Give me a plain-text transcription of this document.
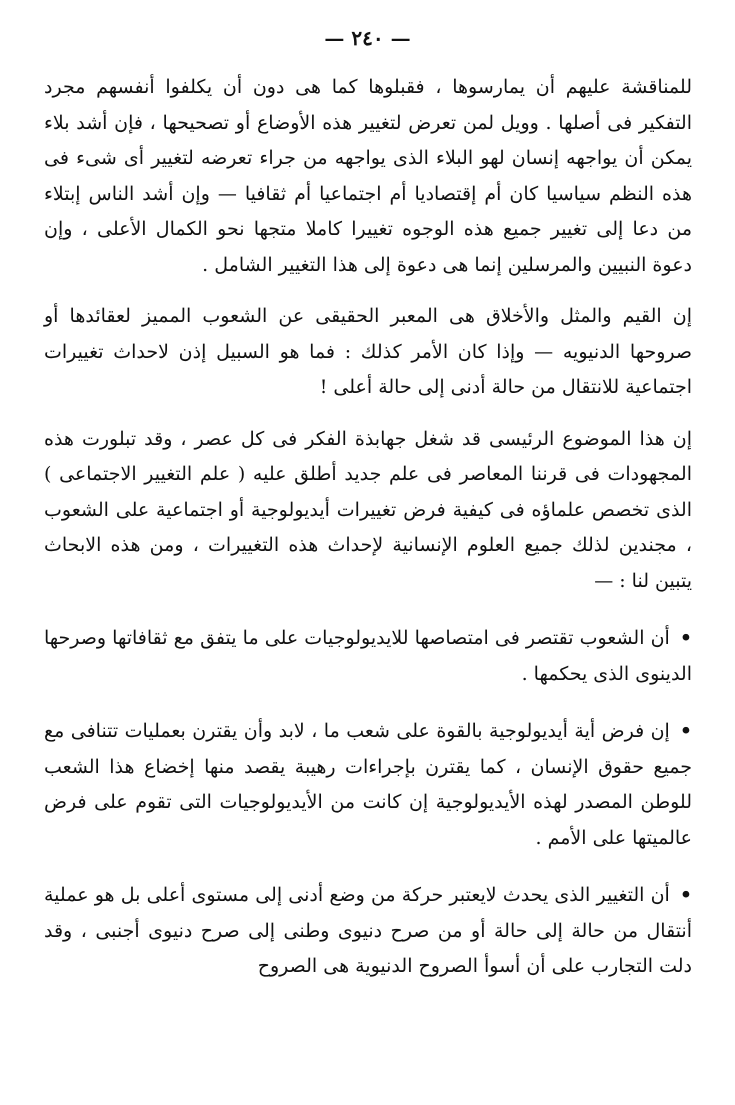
— ٢٤٠ —

للمناقشة عليهم أن يمارسوها ، فقبلوها كما هى دون أن يكلفوا أنفسهم مجرد التفكير فى أصلها . وويل لمن تعرض لتغيير هذه الأوضاع أو تصحيحها ، فإن أشد بلاء يمكن أن يواجهه إنسان لهو البلاء الذى يواجهه من جراء تعرضه لتغيير أى شىء فى هذه النظم سياسيا كان أم إقتصاديا أم اجتماعيا أم ثقافيا — وإن أشد الناس إبتلاء من دعا إلى تغيير جميع هذه الوجوه تغييرا كاملا متجها نحو الكمال الأعلى ، وإن دعوة النبيين والمرسلين إنما هى دعوة إلى هذا التغيير الشامل .

إن القيم والمثل والأخلاق هى المعبر الحقيقى عن الشعوب المميز لعقائدها أو صروحها الدنيويه — وإذا كان الأمر كذلك : فما هو السبيل إذن لاحداث تغييرات اجتماعية للانتقال من حالة أدنى إلى حالة أعلى !

إن هذا الموضوع الرئيسى قد شغل جهابذة الفكر فى كل عصر ، وقد تبلورت هذه المجهودات فى قرننا المعاصر فى علم جديد أطلق عليه ( علم التغيير الاجتماعى ) الذى تخصص علماؤه فى كيفية فرض تغييرات أيديولوجية أو اجتماعية على الشعوب ، مجندين لذلك جميع العلوم الإنسانية لإحداث هذه التغييرات ، ومن هذه الابحاث يتبين لنا : —

•أن الشعوب تقتصر فى امتصاصها للايديولوجيات على ما يتفق مع ثقافاتها وصرحها الدينوى الذى يحكمها .

•إن فرض أية أيديولوجية بالقوة على شعب ما ، لابد وأن يقترن بعمليات تتنافى مع جميع حقوق الإنسان ، كما يقترن بإجراءات رهيبة يقصد منها إخضاع هذا الشعب للوطن المصدر لهذه الأيديولوجية إن كانت من الأيديولوجيات التى تقوم على فرض عالميتها على الأمم .

•أن التغيير الذى يحدث لايعتبر حركة من وضع أدنى إلى مستوى أعلى بل هو عملية أنتقال من حالة إلى حالة أو من صرح دنيوى وطنى إلى صرح دنيوى أجنبى ، وقد دلت التجارب على أن أسوأ الصروح الدنيوية هى الصروح
